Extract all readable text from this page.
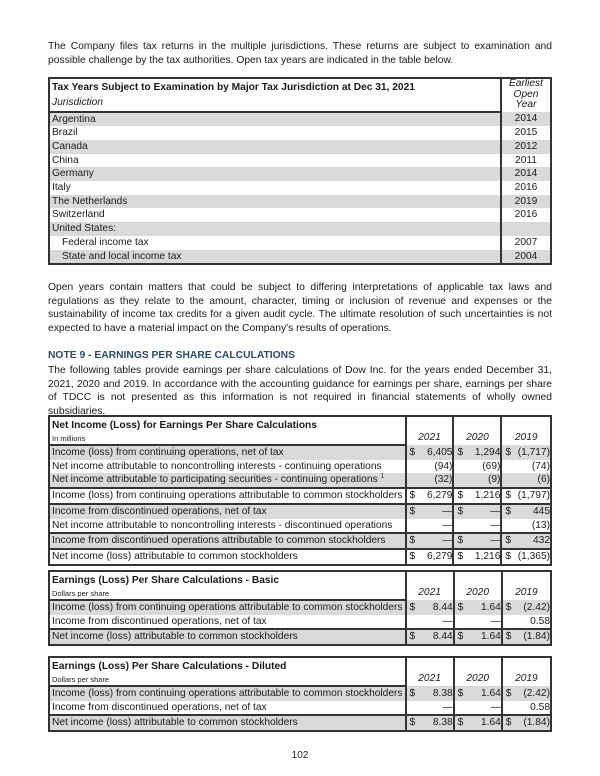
The Company files tax returns in the multiple jurisdictions. These returns are subject to examination and possible challenge by the tax authorities. Open tax years are indicated in the table below.

Tax Years Subject to Examination by Major Tax Jurisdiction at Dec 31, 2021	Earliest
Open
Year

Jurisdiction	
Argentina	2014
Brazil	2015
Canada	2012
China	2011
Germany	2014
Italy	2016
The Netherlands	2019
Switzerland	2016
United States:	
Federal income tax	2007
State and local income tax	2004

Open years contain matters that could be subject to differing interpretations of applicable tax laws and regulations as they relate to the amount, character, timing or inclusion of revenue and expenses or the sustainability of income tax credits for a given audit cycle. The ultimate resolution of such uncertainties is not expected to have a material impact on the Company's results of operations.

NOTE 9 - EARNINGS PER SHARE CALCULATIONS

The following tables provide earnings per share calculations of Dow Inc. for the years ended December 31, 2021, 2020 and 2019. In accordance with the accounting guidance for earnings per share, earnings per share of TDCC is not presented as this information is not required in financial statements of wholly owned subsidiaries.

Net Income (Loss) for Earnings Per Share Calculations	2021		2020		2019	
In millions						
Income (loss) from continuing operations, net of tax	$	6,405	$	1,294	$	(1,717)
Net income attributable to noncontrolling interests - continuing operations		(94)		(69)		(74)
Net income attributable to participating securities - continuing operations $^1$		(32)		(9)		(6)
Income (loss) from continuing operations attributable to common stockholders	$	6,279	$	1,216	$	(1,797)
Income from discontinued operations, net of tax	$	—	$	—	$	445
Net income attributable to noncontrolling interests - discontinued operations		—		—		(13)
Income from discontinued operations attributable to common stockholders	$	—	$	—	$	432
Net income (loss) attributable to common stockholders	$	6,279	$	1,216	$	(1,365)
Earnings (Loss) Per Share Calculations - Basic	2021		2020		2019	
Dollars per share						
Income (loss) from continuing operations attributable to common stockholders	$	8.44	$	1.64	$	(2.42)
Income from discontinued operations, net of tax		—		—		0.58
Net income (loss) attributable to common stockholders	$	8.44	$	1.64	$	(1.84)
Earnings (Loss) Per Share Calculations - Diluted	2021		2020		2019	
Dollars per share						
Income (loss) from continuing operations attributable to common stockholders	$	8.38	$	1.64	$	(2.42)
Income from discontinued operations, net of tax		—		—		0.58
Net income (loss) attributable to common stockholders	$	8.38	$	1.64	$	(1.84)

102
